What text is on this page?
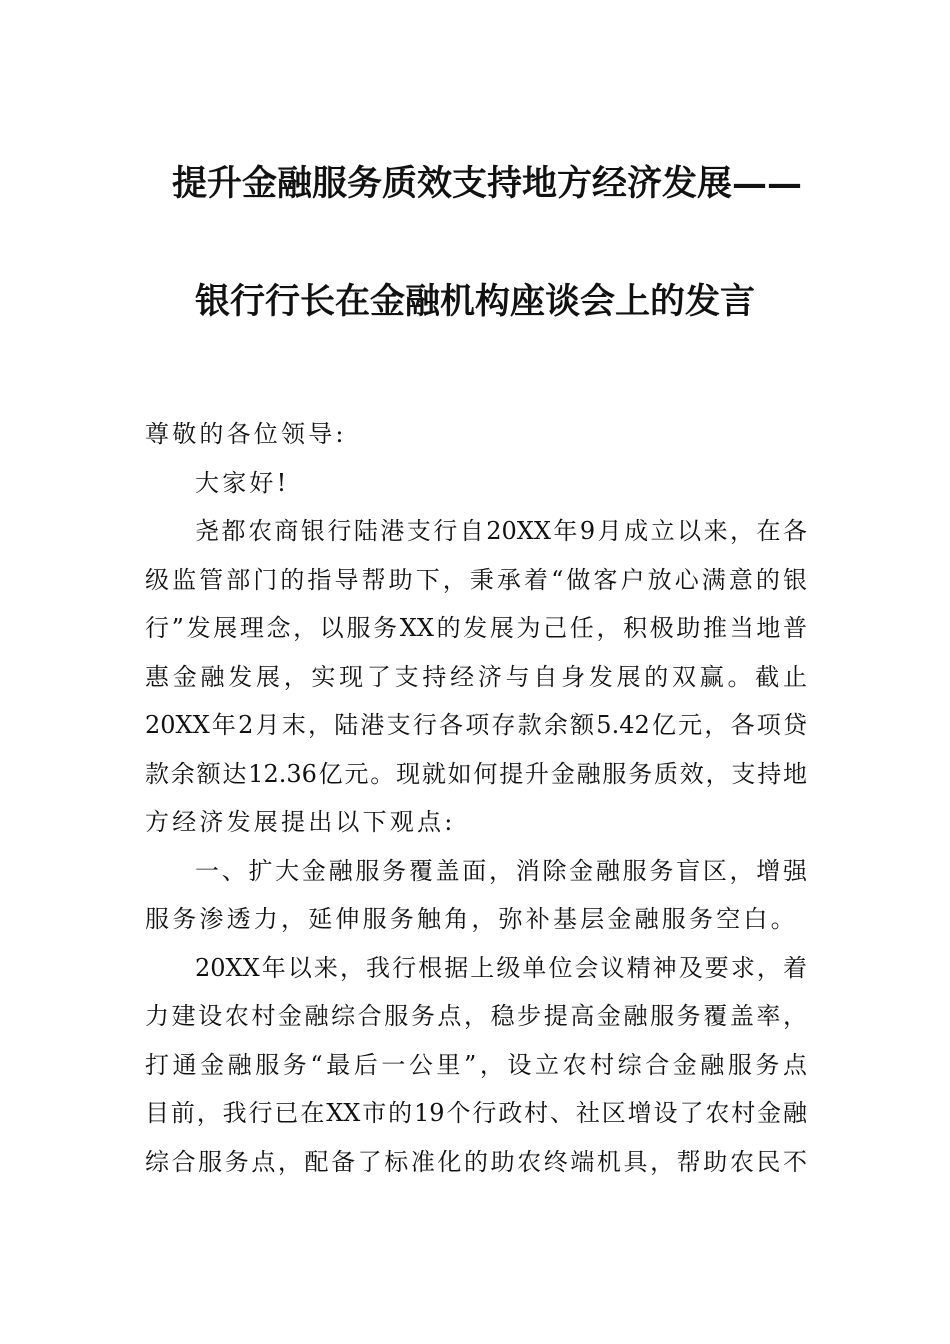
提升金融服务质效支持地方经济发展——
银行行长在金融机构座谈会上的发言
尊敬的各位领导:
大家好!
尧都农商银行陆港支行自20XX年9月成立以来，在各
级监管部门的指导帮助下，秉承着“做客户放心满意的银
行”发展理念，以服务XX的发展为己任，积极助推当地普
惠金融发展，实现了支持经济与自身发展的双赢。截止
20XX年2月末，陆港支行各项存款余额5.42亿元，各项贷
款余额达12.36亿元。现就如何提升金融服务质效，支持地
方经济发展提出以下观点:
一、扩大金融服务覆盖面，消除金融服务盲区，增强
服务渗透力，延伸服务触角，弥补基层金融服务空白。
20XX年以来，我行根据上级单位会议精神及要求，着
力建设农村金融综合服务点，稳步提高金融服务覆盖率，
打通金融服务“最后一公里”，设立农村综合金融服务点
目前，我行已在XX市的19个行政村、社区增设了农村金融
综合服务点，配备了标准化的助农终端机具，帮助农民不
